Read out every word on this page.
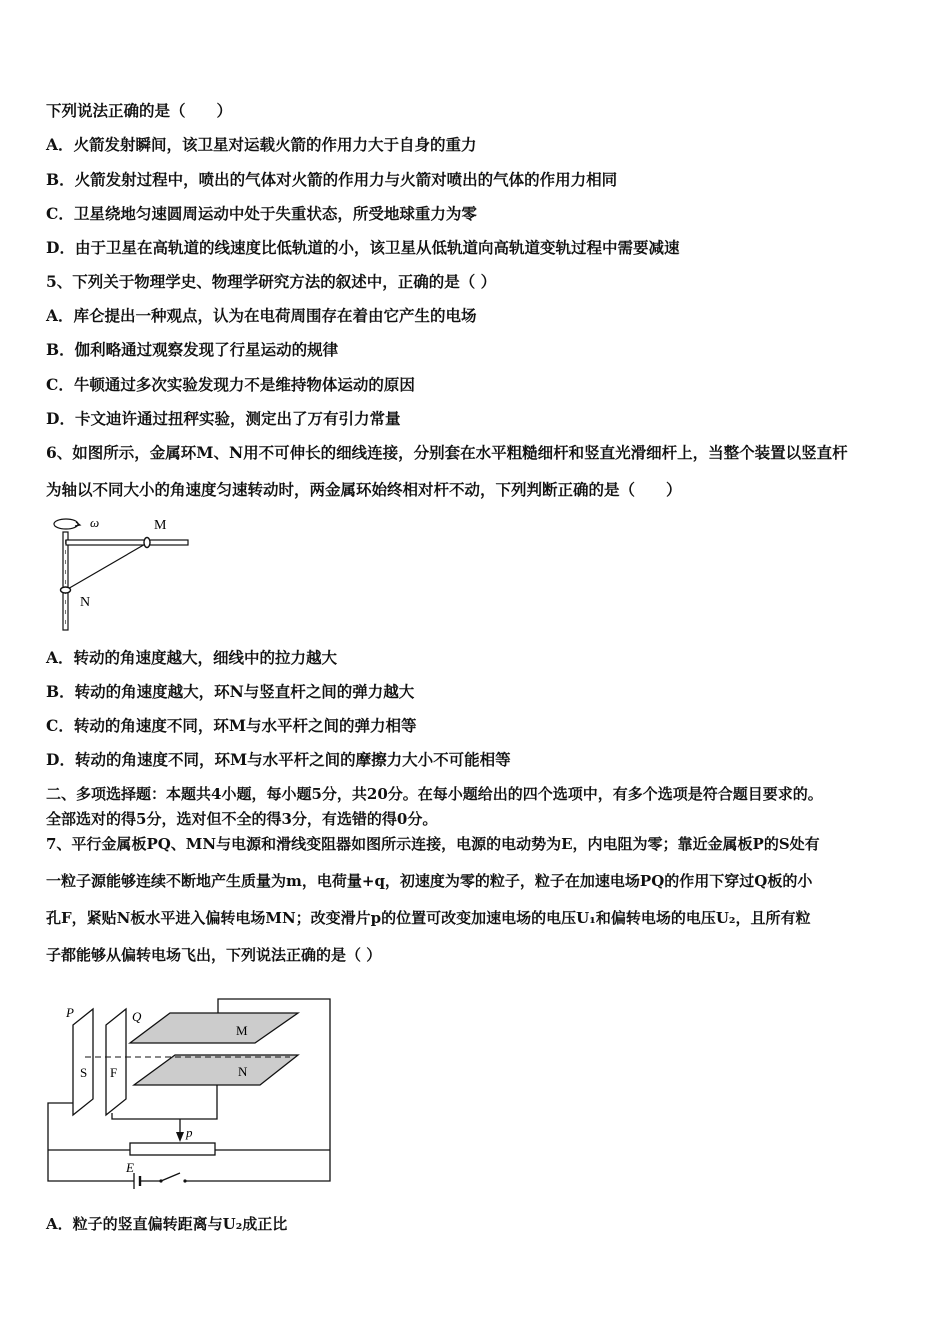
下列说法正确的是（　　）
A．火箭发射瞬间，该卫星对运载火箭的作用力大于自身的重力
B．火箭发射过程中，喷出的气体对火箭的作用力与火箭对喷出的气体的作用力相同
C．卫星绕地匀速圆周运动中处于失重状态，所受地球重力为零
D．由于卫星在高轨道的线速度比低轨道的小，该卫星从低轨道向高轨道变轨过程中需要减速
5、下列关于物理学史、物理学研究方法的叙述中，正确的是（ ）
A．库仑提出一种观点，认为在电荷周围存在着由它产生的电场
B．伽利略通过观察发现了行星运动的规律
C．牛顿通过多次实验发现力不是维持物体运动的原因
D．卡文迪许通过扭秤实验，测定出了万有引力常量
6、如图所示，金属环M、N用不可伸长的细线连接，分别套在水平粗糙细杆和竖直光滑细杆上，当整个装置以竖直杆
为轴以不同大小的角速度匀速转动时，两金属环始终相对杆不动，下列判断正确的是（　　）
ω	M
N
A．转动的角速度越大，细线中的拉力越大
B．转动的角速度越大，环N与竖直杆之间的弹力越大
C．转动的角速度不同，环M与水平杆之间的弹力相等
D．转动的角速度不同，环M与水平杆之间的摩擦力大小不可能相等
二、多项选择题：本题共4小题，每小题5分，共20分。在每小题给出的四个选项中，有多个选项是符合题目要求的。
全部选对的得5分，选对但不全的得3分，有选错的得0分。
7、平行金属板PQ、MN与电源和滑线变阻器如图所示连接，电源的电动势为E，内电阻为零；靠近金属板P的S处有
一粒子源能够连续不断地产生质量为m，电荷量+q，初速度为零的粒子，粒子在加速电场PQ的作用下穿过Q板的小
孔F，紧贴N板水平进入偏转电场MN；改变滑片p的位置可改变加速电场的电压U₁和偏转电场的电压U₂，且所有粒
子都能够从偏转电场飞出，下列说法正确的是（ ）
P	Q
M
N
S F
p
E
A．粒子的竖直偏转距离与U₂成正比
